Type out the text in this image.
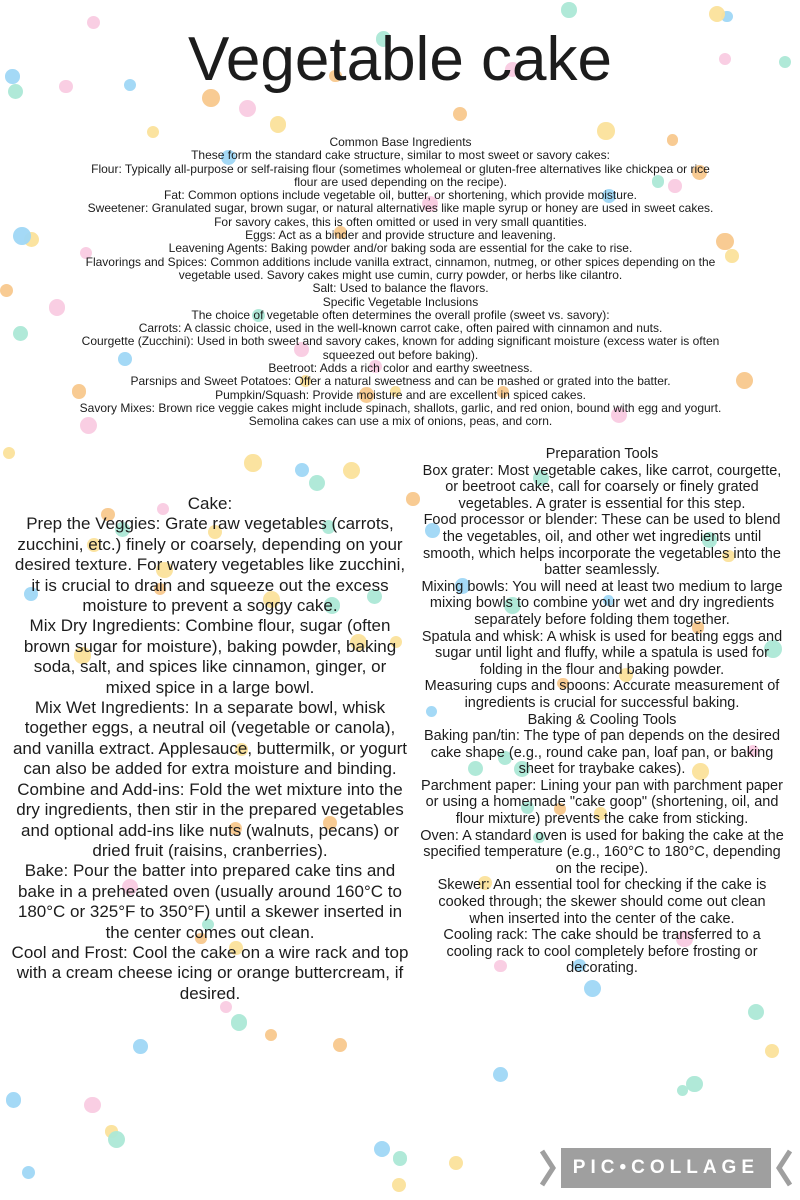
Vegetable cake

Common Base Ingredients

These form the standard cake structure, similar to most sweet or savory cakes:

Flour: Typically all-purpose or self-raising flour (sometimes wholemeal or gluten-free alternatives like chickpea or rice flour are used depending on the recipe).

Fat: Common options include vegetable oil, butter, or shortening, which provide moisture.

Sweetener: Granulated sugar, brown sugar, or natural alternatives like maple syrup or honey are used in sweet cakes. For savory cakes, this is often omitted or used in very small quantities.

Eggs: Act as a binder and provide structure and leavening.

Leavening Agents: Baking powder and/or baking soda are essential for the cake to rise.

Flavorings and Spices: Common additions include vanilla extract, cinnamon, nutmeg, or other spices depending on the vegetable used. Savory cakes might use cumin, curry powder, or herbs like cilantro.

Salt: Used to balance the flavors.

Specific Vegetable Inclusions

The choice of vegetable often determines the overall profile (sweet vs. savory):

Carrots: A classic choice, used in the well-known carrot cake, often paired with cinnamon and nuts.

Courgette (Zucchini): Used in both sweet and savory cakes, known for adding significant moisture (excess water is often squeezed out before baking).

Beetroot: Adds a rich color and earthy sweetness.

Parsnips and Sweet Potatoes: Offer a natural sweetness and can be mashed or grated into the batter.

Pumpkin/Squash: Provide moisture and are excellent in spiced cakes.

Savory Mixes: Brown rice veggie cakes might include spinach, shallots, garlic, and red onion, bound with egg and yogurt. Semolina cakes can use a mix of onions, peas, and corn.

Cake:

Prep the Veggies: Grate raw vegetables (carrots, zucchini, etc.) finely or coarsely, depending on your desired texture. For watery vegetables like zucchini, it is crucial to drain and squeeze out the excess moisture to prevent a soggy cake.

Mix Dry Ingredients: Combine flour, sugar (often brown sugar for moisture), baking powder, baking soda, salt, and spices like cinnamon, ginger, or mixed spice in a large bowl.

Mix Wet Ingredients: In a separate bowl, whisk together eggs, a neutral oil (vegetable or canola), and vanilla extract. Applesauce, buttermilk, or yogurt can also be added for extra moisture and binding.

Combine and Add-ins: Fold the wet mixture into the dry ingredients, then stir in the prepared vegetables and optional add-ins like nuts (walnuts, pecans) or dried fruit (raisins, cranberries).

Bake: Pour the batter into prepared cake tins and bake in a preheated oven (usually around 160°C to 180°C or 325°F to 350°F) until a skewer inserted in the center comes out clean.

Cool and Frost: Cool the cake on a wire rack and top with a cream cheese icing or orange buttercream, if desired.

Preparation Tools

Box grater: Most vegetable cakes, like carrot, courgette, or beetroot cake, call for coarsely or finely grated vegetables. A grater is essential for this step.

Food processor or blender: These can be used to blend the vegetables, oil, and other wet ingredients until smooth, which helps incorporate the vegetables into the batter seamlessly.

Mixing bowls: You will need at least two medium to large mixing bowls to combine your wet and dry ingredients separately before folding them together.

Spatula and whisk: A whisk is used for beating eggs and sugar until light and fluffy, while a spatula is used for folding in the flour and baking powder.

Measuring cups and spoons: Accurate measurement of ingredients is crucial for successful baking.

Baking & Cooling Tools

Baking pan/tin: The type of pan depends on the desired cake shape (e.g., round cake pan, loaf pan, or baking sheet for traybake cakes).

Parchment paper: Lining your pan with parchment paper or using a homemade "cake goop" (shortening, oil, and flour mixture) prevents the cake from sticking.

Oven: A standard oven is used for baking the cake at the specified temperature (e.g., 160°C to 180°C, depending on the recipe).

Skewer: An essential tool for checking if the cake is cooked through; the skewer should come out clean when inserted into the center of the cake.

Cooling rack: The cake should be transferred to a cooling rack to cool completely before frosting or decorating.

PIC•COLLAGE
